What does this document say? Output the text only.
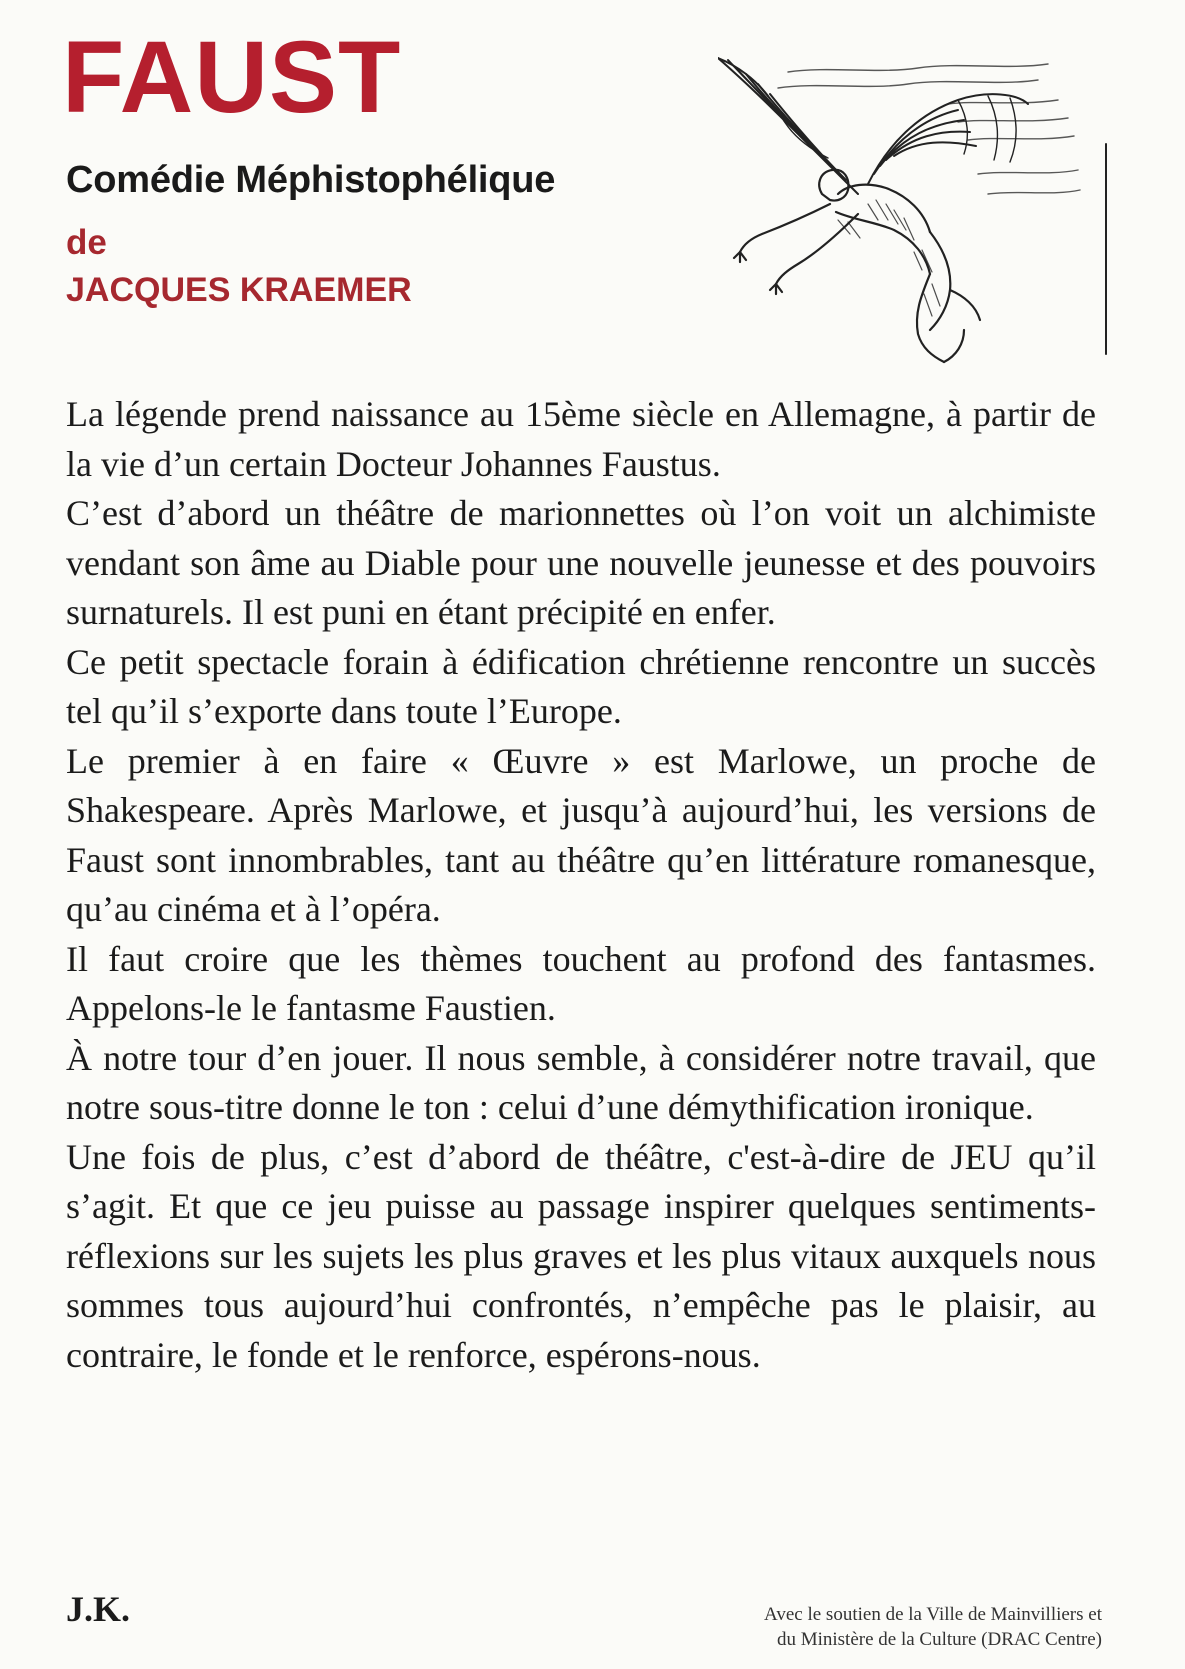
FAUST
Comédie Méphistophélique
de
JACQUES KRAEMER

La légende prend naissance au 15ème siècle en Allemagne, à partir de la vie d’un certain Docteur Johannes Faustus.

C’est d’abord un théâtre de marionnettes où l’on voit un alchimiste vendant son âme au Diable pour une nouvelle jeunesse et des pouvoirs surnaturels. Il est puni en étant précipité en enfer.

Ce petit spectacle forain à édification chrétienne rencontre un succès tel qu’il s’exporte dans toute l’Europe.

Le premier à en faire « Œuvre » est Marlowe, un proche de Shakespeare. Après Marlowe, et jusqu’à aujourd’hui, les versions de Faust sont innombrables, tant au théâtre qu’en littérature romanesque, qu’au cinéma et à l’opéra.

Il faut croire que les thèmes touchent au profond des fantasmes. Appelons-le le fantasme Faustien.

À notre tour d’en jouer. Il nous semble, à considérer notre travail, que notre sous-titre donne le ton : celui d’une démythification ironique.

Une fois de plus, c’est d’abord de théâtre, c'est-à-dire de JEU qu’il s’agit. Et que ce jeu puisse au passage inspirer quelques sentiments-réflexions sur les sujets les plus graves et les plus vitaux auxquels nous sommes tous aujourd’hui confrontés, n’empêche pas le plaisir, au contraire, le fonde et le renforce, espérons-nous.

J.K.	Avec le soutien de la Ville de Mainvilliers et
du Ministère de la Culture (DRAC Centre)
